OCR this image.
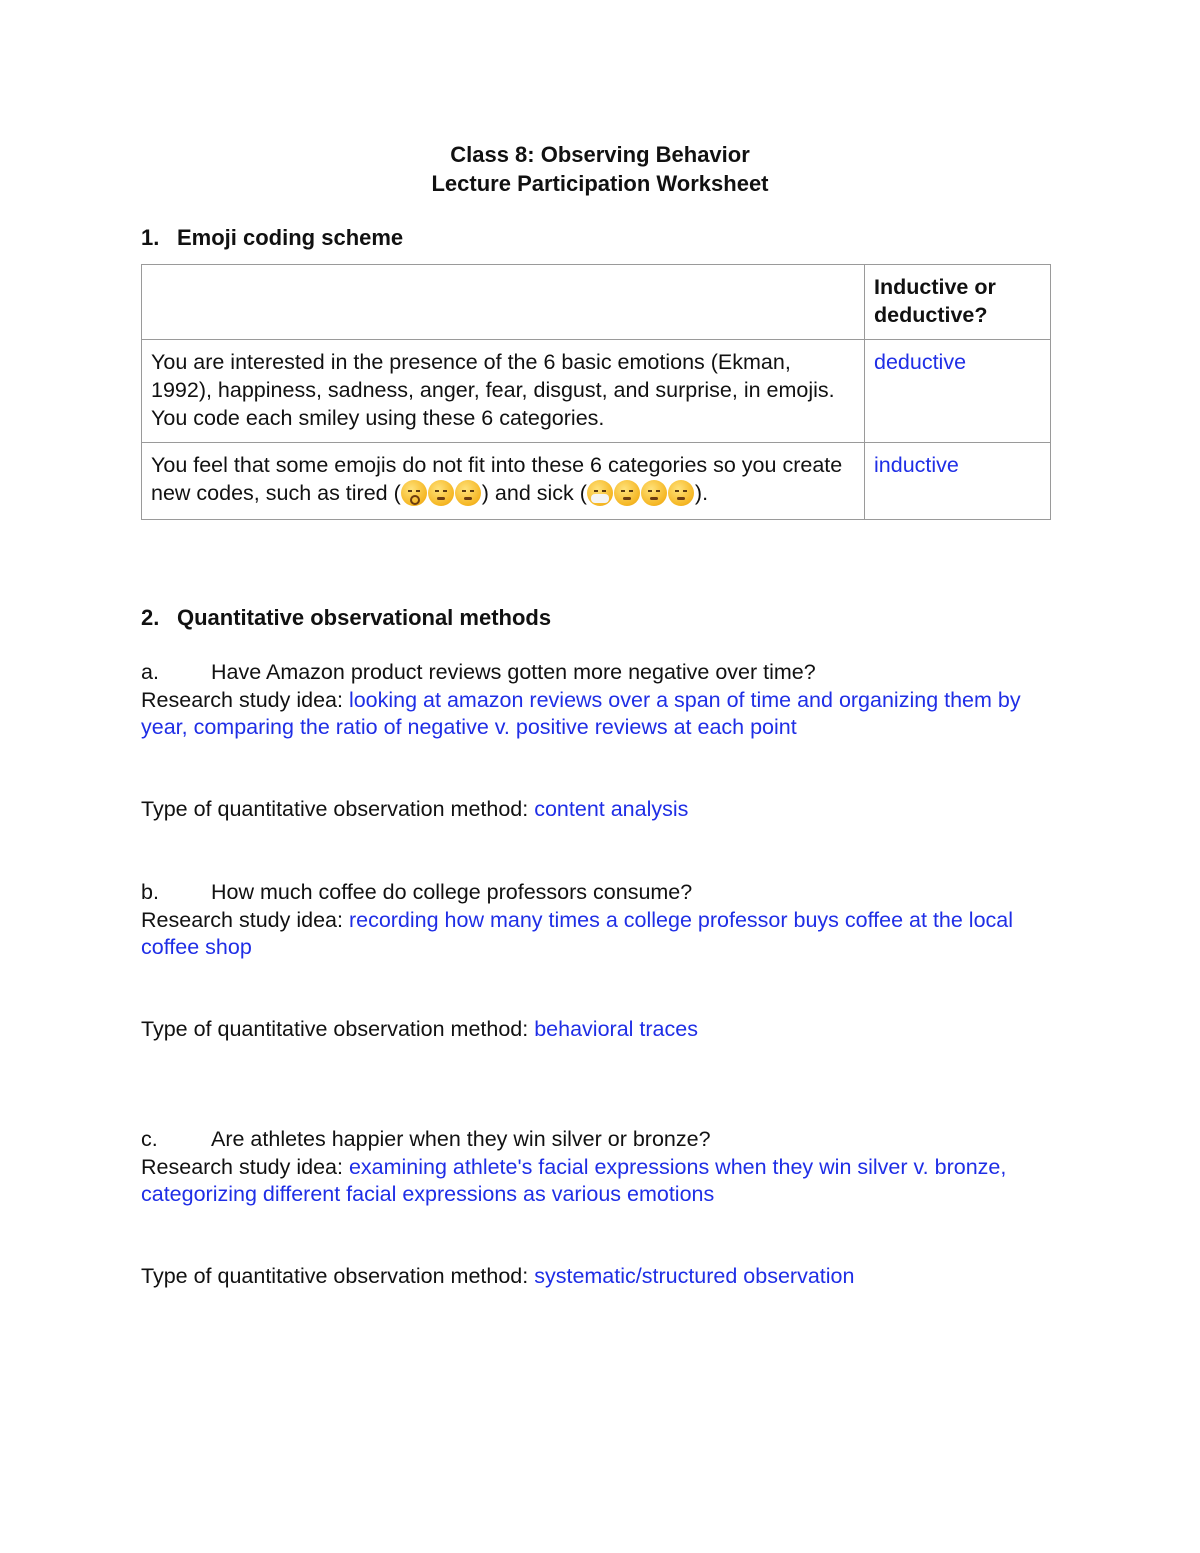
Class 8: Observing Behavior
Lecture Participation Worksheet
1. Emoji coding scheme
	Inductive or deductive?
You are interested in the presence of the 6 basic emotions (Ekman, 1992), happiness, sadness, anger, fear, disgust, and surprise, in emojis. You code each smiley using these 6 categories.	deductive
You feel that some emojis do not fit into these 6 categories so you create new codes, such as tired ( ) and sick ( ).	inductive
2. Quantitative observational methods
a. Have Amazon product reviews gotten more negative over time?
Research study idea: looking at amazon reviews over a span of time and organizing them by year, comparing the ratio of negative v. positive reviews at each point
Type of quantitative observation method: content analysis
b. How much coffee do college professors consume?
Research study idea: recording how many times a college professor buys coffee at the local coffee shop
Type of quantitative observation method: behavioral traces
c. Are athletes happier when they win silver or bronze?
Research study idea: examining athlete's facial expressions when they win silver v. bronze, categorizing different facial expressions as various emotions
Type of quantitative observation method: systematic/structured observation
